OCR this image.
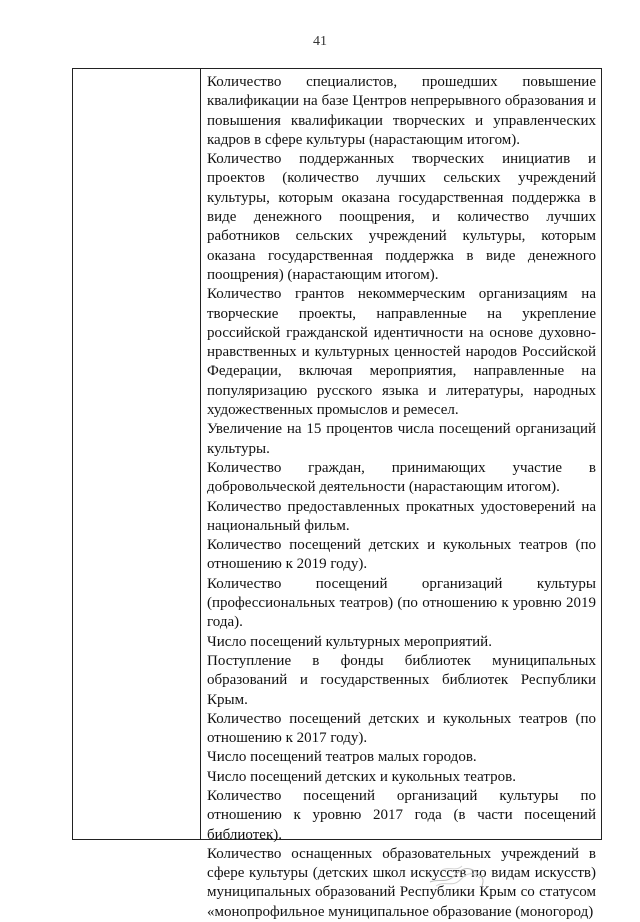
41

Количество специалистов, прошедших повышение квалификации на базе Центров непрерывного образования и повышения квалификации творческих и управленческих кадров в сфере культуры (нарастающим итогом).

Количество поддержанных творческих инициатив и проектов (количество лучших сельских учреждений культуры, которым оказана государственная поддержка в виде денежного поощрения, и количество лучших работников сельских учреждений культуры, которым оказана государственная поддержка в виде денежного поощрения) (нарастающим итогом).

Количество грантов некоммерческим организациям на творческие проекты, направленные на укрепление российской гражданской идентичности на основе духовно-нравственных и культурных ценностей народов Российской Федерации, включая мероприятия, направленные на популяризацию русского языка и литературы, народных художественных промыслов и ремесел.

Увеличение на 15 процентов числа посещений организаций культуры.

Количество граждан, принимающих участие в добровольческой деятельности (нарастающим итогом).

Количество предоставленных прокатных удостоверений на национальный фильм.

Количество посещений детских и кукольных театров (по отношению к 2019 году).

Количество посещений организаций культуры (профессиональных театров) (по отношению к уровню 2019 года).

Число посещений культурных мероприятий.

Поступление в фонды библиотек муниципальных образований и государственных библиотек Республики Крым.

Количество посещений детских и кукольных театров (по отношению к 2017 году).

Число посещений театров малых городов.

Число посещений детских и кукольных театров.

Количество посещений организаций культуры по отношению к уровню 2017 года (в части посещений библиотек).

Количество оснащенных образовательных учреждений в сфере культуры (детских школ искусств по видам искусств) муниципальных образований Республики Крым со статусом «монопрофильное муниципальное образование (моногород)
